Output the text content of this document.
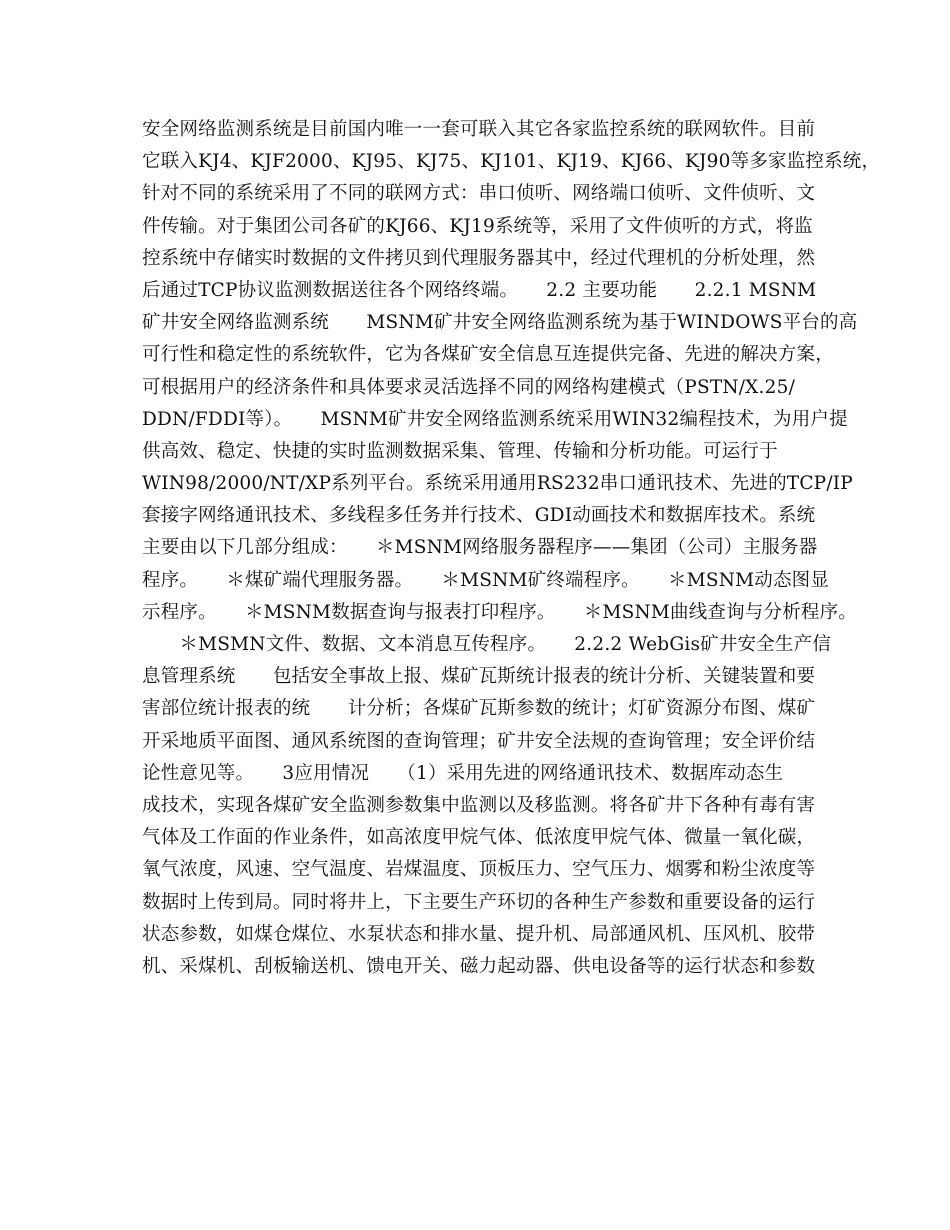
安全网络监测系统是目前国内唯一一套可联入其它各家监控系统的联网软件。目前
它联入KJ4、KJF2000、KJ95、KJ75、KJ101、KJ19、KJ66、KJ90等多家监控系统，
针对不同的系统采用了不同的联网方式：串口侦听、网络端口侦听、文件侦听、文
件传输。对于集团公司各矿的KJ66、KJ19系统等，采用了文件侦听的方式，将监
控系统中存储实时数据的文件拷贝到代理服务器其中，经过代理机的分析处理，然
后通过TCP协议监测数据送往各个网络终端。　　2.2 主要功能　　2.2.1 MSNM
矿井安全网络监测系统　　MSNM矿井安全网络监测系统为基于WINDOWS平台的高
可行性和稳定性的系统软件，它为各煤矿安全信息互连提供完备、先进的解决方案，
可根据用户的经济条件和具体要求灵活选择不同的网络构建模式（PSTN/X.25/
DDN/FDDI等）。　　MSNM矿井安全网络监测系统采用WIN32编程技术，为用户提
供高效、稳定、快捷的实时监测数据采集、管理、传输和分析功能。可运行于
WIN98/2000/NT/XP系列平台。系统采用通用RS232串口通讯技术、先进的TCP/IP
套接字网络通讯技术、多线程多任务并行技术、GDI动画技术和数据库技术。系统
主要由以下几部分组成：　　＊MSNM网络服务器程序——集团（公司）主服务器
程序。　　＊煤矿端代理服务器。　　＊MSNM矿终端程序。　　＊MSNM动态图显
示程序。　　＊MSNM数据查询与报表打印程序。　　＊MSNM曲线查询与分析程序。
　　＊MSMN文件、数据、文本消息互传程序。　　2.2.2 WebGis矿井安全生产信
息管理系统　　包括安全事故上报、煤矿瓦斯统计报表的统计分析、关键装置和要
害部位统计报表的统　　计分析；各煤矿瓦斯参数的统计；灯矿资源分布图、煤矿
开采地质平面图、通风系统图的查询管理；矿井安全法规的查询管理；安全评价结
论性意见等。　　3应用情况　　（1）采用先进的网络通讯技术、数据库动态生
成技术，实现各煤矿安全监测参数集中监测以及移监测。将各矿井下各种有毒有害
气体及工作面的作业条件，如高浓度甲烷气体、低浓度甲烷气体、微量一氧化碳，
氧气浓度，风速、空气温度、岩煤温度、顶板压力、空气压力、烟雾和粉尘浓度等
数据时上传到局。同时将井上，下主要生产环切的各种生产参数和重要设备的运行
状态参数，如煤仓煤位、水泵状态和排水量、提升机、局部通风机、压风机、胶带
机、采煤机、刮板输送机、馈电开关、磁力起动器、供电设备等的运行状态和参数
